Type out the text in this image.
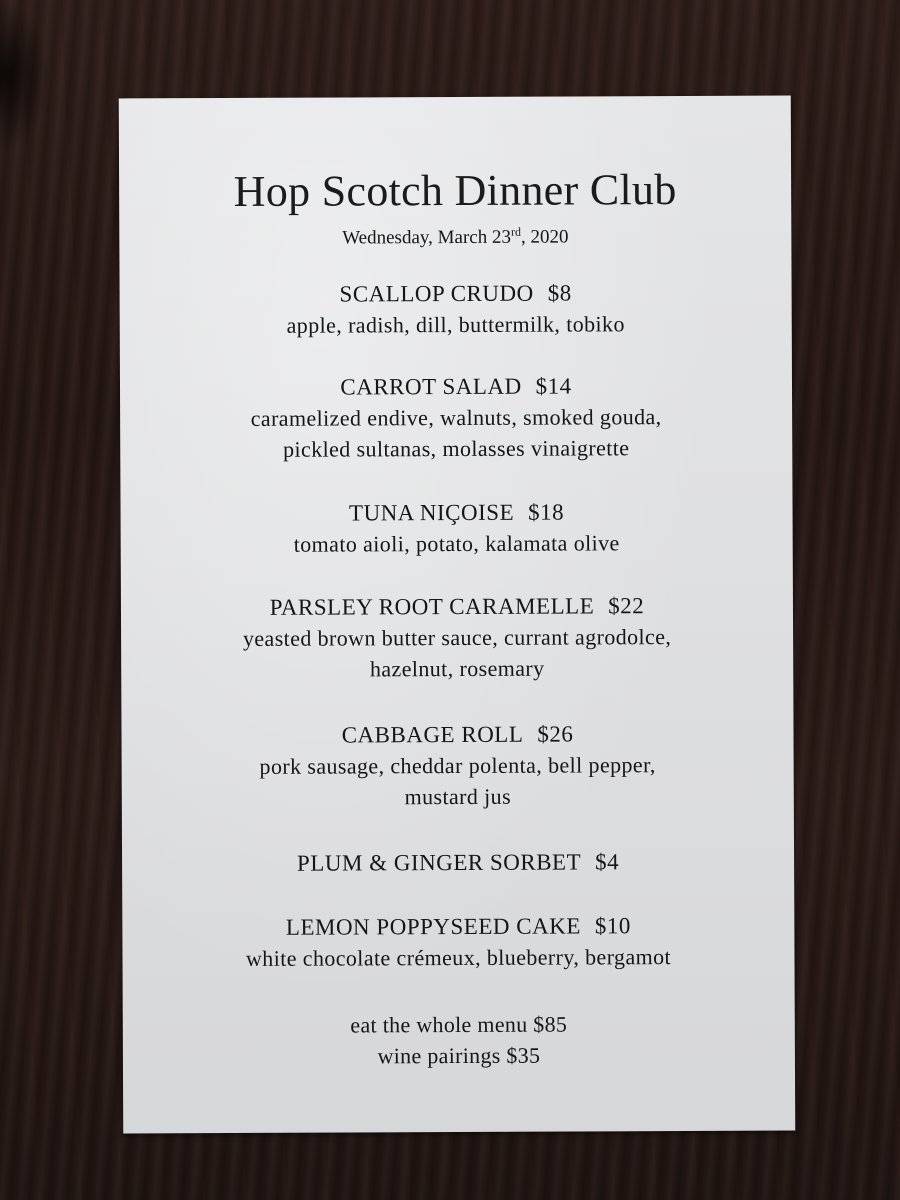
Hop Scotch Dinner Club
Wednesday, March 23rd, 2020
SCALLOP CRUDO $8
apple, radish, dill, buttermilk, tobiko
CARROT SALAD $14
caramelized endive, walnuts, smoked gouda,
pickled sultanas, molasses vinaigrette
TUNA NIÇOISE $18
tomato aioli, potato, kalamata olive
PARSLEY ROOT CARAMELLE $22
yeasted brown butter sauce, currant agrodolce,
hazelnut, rosemary
CABBAGE ROLL $26
pork sausage, cheddar polenta, bell pepper,
mustard jus
PLUM & GINGER SORBET $4
LEMON POPPYSEED CAKE $10
white chocolate crémeux, blueberry, bergamot
eat the whole menu $85
wine pairings $35
